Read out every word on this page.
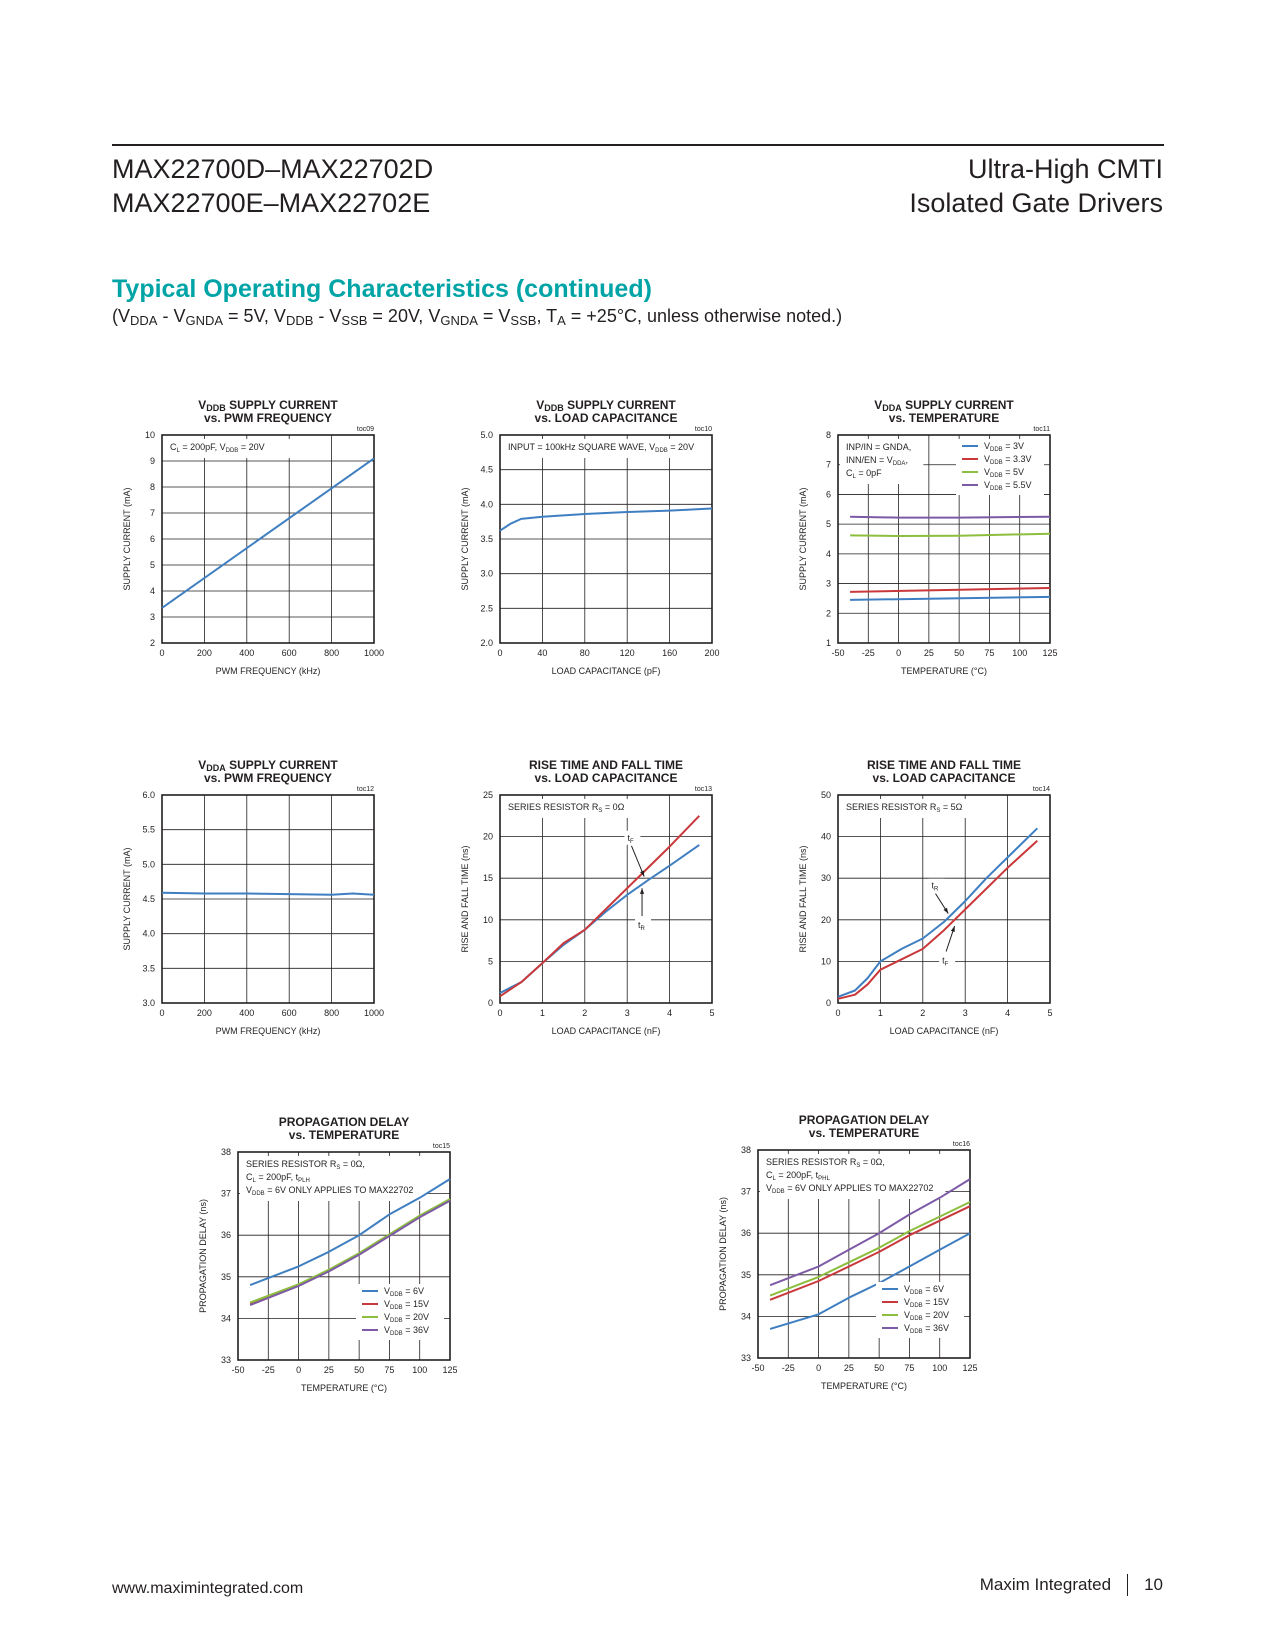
MAX22700D–MAX22702D
MAX22700E–MAX22702E
Ultra-High CMTI
Isolated Gate Drivers
Typical Operating Characteristics (continued)
($V_{DDA} - V_{GNDA} = 5V$, $V_{DDB} - V_{SSB} = 20V$, $V_{GNDA} = V_{SSB}$, $T_A = +25^\circ C$, unless otherwise noted.)
VDDB SUPPLY CURRENT
vs. PWM FREQUENCY
toc09
0	200	400	600	800	1000
2
3
4
5
6
7
8
9
10
PWM FREQUENCY (kHz)
SUPPLY CURRENT (mA)
$C_L = 200pF$, $V_{DDB} = 20V$
VDDB SUPPLY CURRENT
vs. LOAD CAPACITANCE
toc10
0	40	80	120	160	200
2.0
2.5
3.0
3.5
4.0
4.5
5.0
LOAD CAPACITANCE (pF)
SUPPLY CURRENT (mA)
INPUT = 100kHz SQUARE WAVE, $V_{DDB} = 20V$
VDDA SUPPLY CURRENT
vs. TEMPERATURE
toc11
-50 -25 0	25 50 75 100 125
1
2
3
4
5
6
7
8
TEMPERATURE (°C)
SUPPLY CURRENT (mA)
INP/IN = GNDA,
$INN/EN = V_{DDA}$,
$C_L = 0pF$
$V_{DDB} = 3V$
$V_{DDB} = 3.3V$
$V_{DDB} = 5V$
$V_{DDB} = 5.5V$
VDDA SUPPLY CURRENT
vs. PWM FREQUENCY
toc12
0	200	400	600	800	1000
3.0
3.5
4.0
4.5
5.0
5.5
6.0
PWM FREQUENCY (kHz)
SUPPLY CURRENT (mA)
RISE TIME AND FALL TIME
vs. LOAD CAPACITANCE
toc13
0	1	2	3	4	5
0
5
10
15
20
25
LOAD CAPACITANCE (nF)
RISE AND FALL TIME (ns)
SERIES RESISTOR $R_S = 0\Omega$
$t_F$
$t_R$
RISE TIME AND FALL TIME
vs. LOAD CAPACITANCE
toc14
0	1	2	3	4	5
0
10
20
30
40
50
LOAD CAPACITANCE (nF)
RISE AND FALL TIME (ns)
SERIES RESISTOR $R_S = 5\Omega$
$t_R$
$t_F$
PROPAGATION DELAY
vs. TEMPERATURE
toc15
-50 -25 0	25 50 75 100 125
33
34
35
36
37
38
TEMPERATURE (°C)
PROPAGATION DELAY (ns)
SERIES RESISTOR $R_S = 0\Omega$,
$C_L = 200pF$, $t_{PLH}$
$V_{DDB} = 6V$ ONLY APPLIES TO MAX22702
$V_{DDB} = 6V$
$V_{DDB} = 15V$
$V_{DDB} = 20V$
$V_{DDB} = 36V$
PROPAGATION DELAY
vs. TEMPERATURE
toc16
-50 -25 0	25 50 75 100 125
33
34
35
36
37
38
TEMPERATURE (°C)
PROPAGATION DELAY (ns)
SERIES RESISTOR $R_S = 0\Omega$,
$C_L = 200pF$, $t_{PHL}$
$V_{DDB} = 6V$ ONLY APPLIES TO MAX22702
$V_{DDB} = 6V$
$V_{DDB} = 15V$
$V_{DDB} = 20V$
$V_{DDB} = 36V$
www.maximintegrated.com	Maxim Integrated 10
